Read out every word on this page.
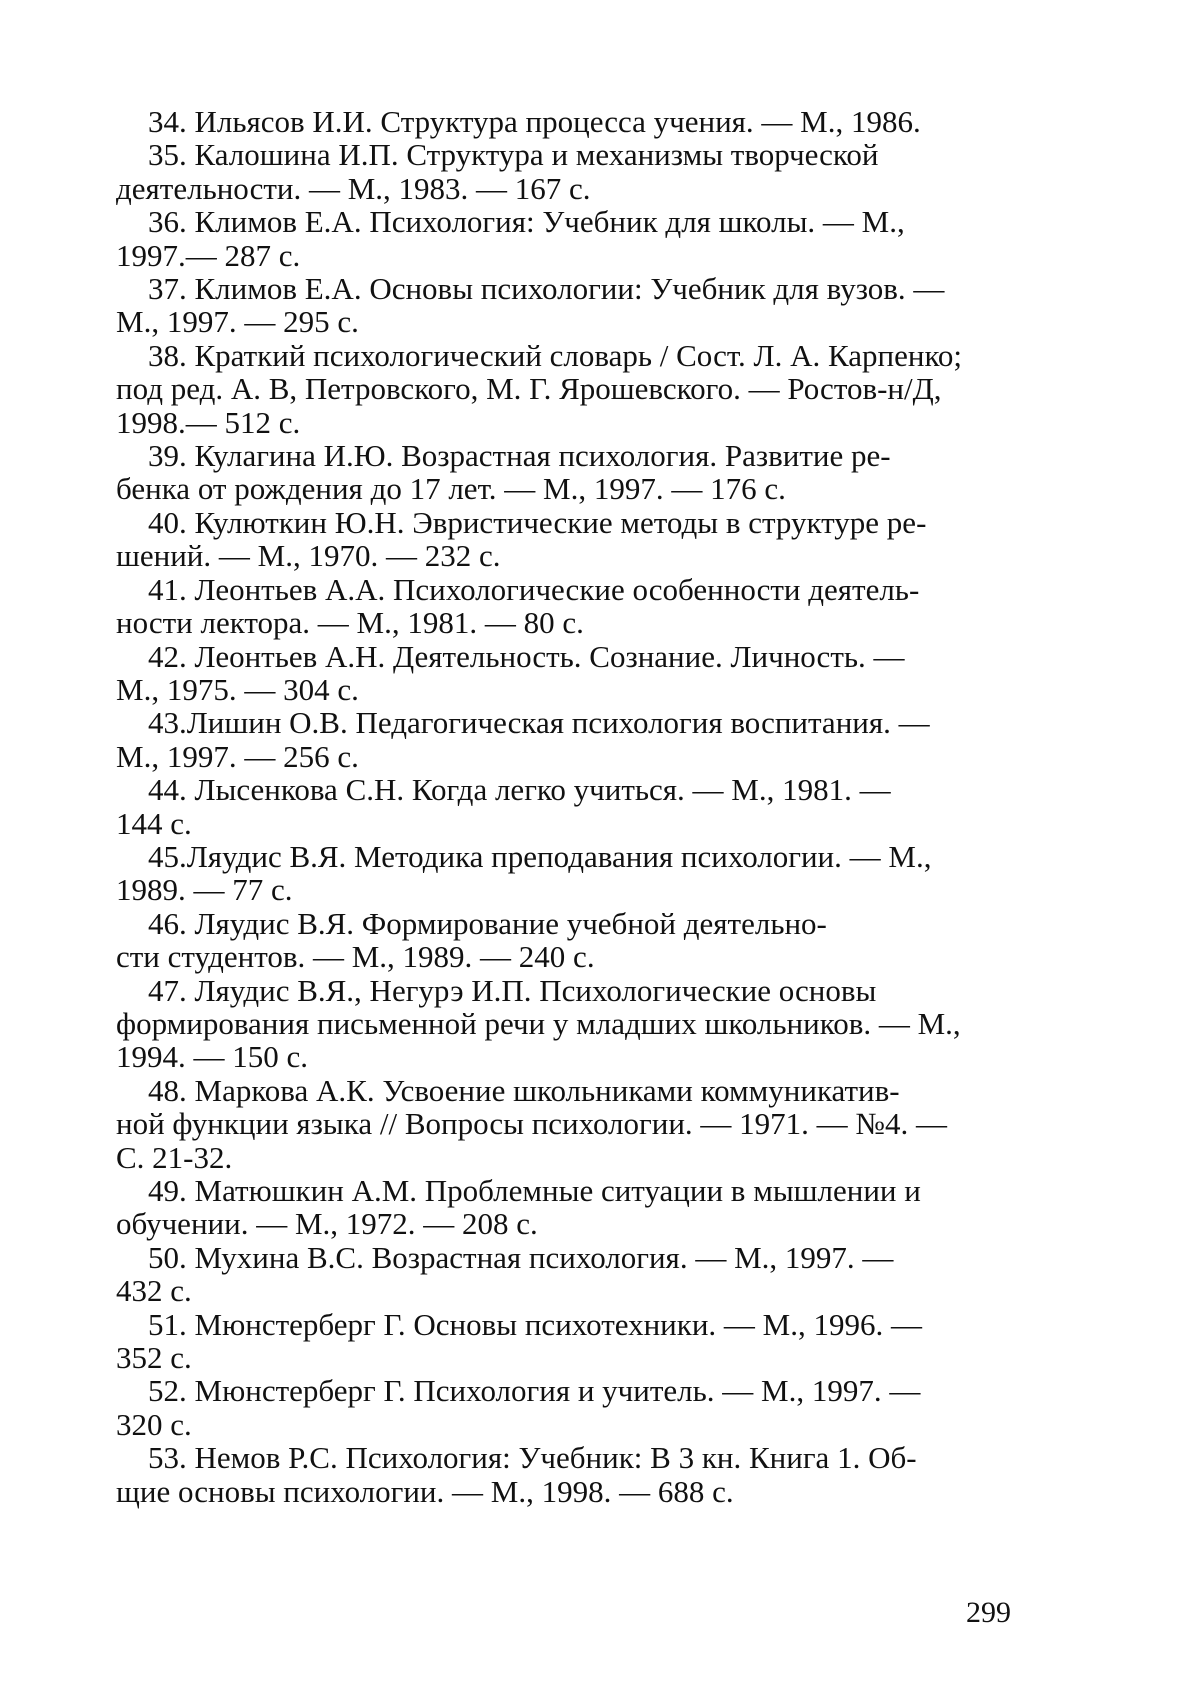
34. Ильясов И.И. Структура процесса учения. — М., 1986.

35. Калошина И.П. Структура и механизмы творческой
деятельности. — М., 1983. — 167 с.

36. Климов Е.А. Психология: Учебник для школы. — М.,
1997.— 287 с.

37. Климов Е.А. Основы психологии: Учебник для вузов. —
М., 1997. — 295 с.

38. Краткий психологический словарь / Сост. Л. А. Карпенко;
под ред. А. В, Петровского, М. Г. Ярошевского. — Ростов-н/Д,
1998.— 512 с.

39. Кулагина И.Ю. Возрастная психология. Развитие ре-
бенка от рождения до 17 лет. — М., 1997. — 176 с.

40. Кулюткин Ю.Н. Эвристические методы в структуре ре-
шений. — М., 1970. — 232 с.

41. Леонтьев А.А. Психологические особенности деятель-
ности лектора. — М., 1981. — 80 с.

42. Леонтьев А.Н. Деятельность. Сознание. Личность. —
М., 1975. — 304 с.

43.Лишин О.В. Педагогическая психология воспитания. —
М., 1997. — 256 с.

44. Лысенкова С.Н. Когда легко учиться. — М., 1981. —
144 с.

45.Ляудис В.Я. Методика преподавания психологии. — М.,
1989. — 77 с.

46. Ляудис В.Я. Формирование учебной деятельно-
сти студентов. — М., 1989. — 240 с.

47. Ляудис В.Я., Негурэ И.П. Психологические основы
формирования письменной речи у младших школьников. — М.,
1994. — 150 с.

48. Маркова А.К. Усвоение школьниками коммуникатив-
ной функции языка // Вопросы психологии. — 1971. — №4. —
С. 21-32.

49. Матюшкин А.М. Проблемные ситуации в мышлении и
обучении. — М., 1972. — 208 с.

50. Мухина B.C. Возрастная психология. — М., 1997. —
432 с.

51. Мюнстерберг Г. Основы психотехники. — М., 1996. —
352 с.

52. Мюнстерберг Г. Психология и учитель. — М., 1997. —
320 с.

53. Немов Р.С. Психология: Учебник: В 3 кн. Книга 1. Об-
щие основы психологии. — М., 1998. — 688 с.

299
